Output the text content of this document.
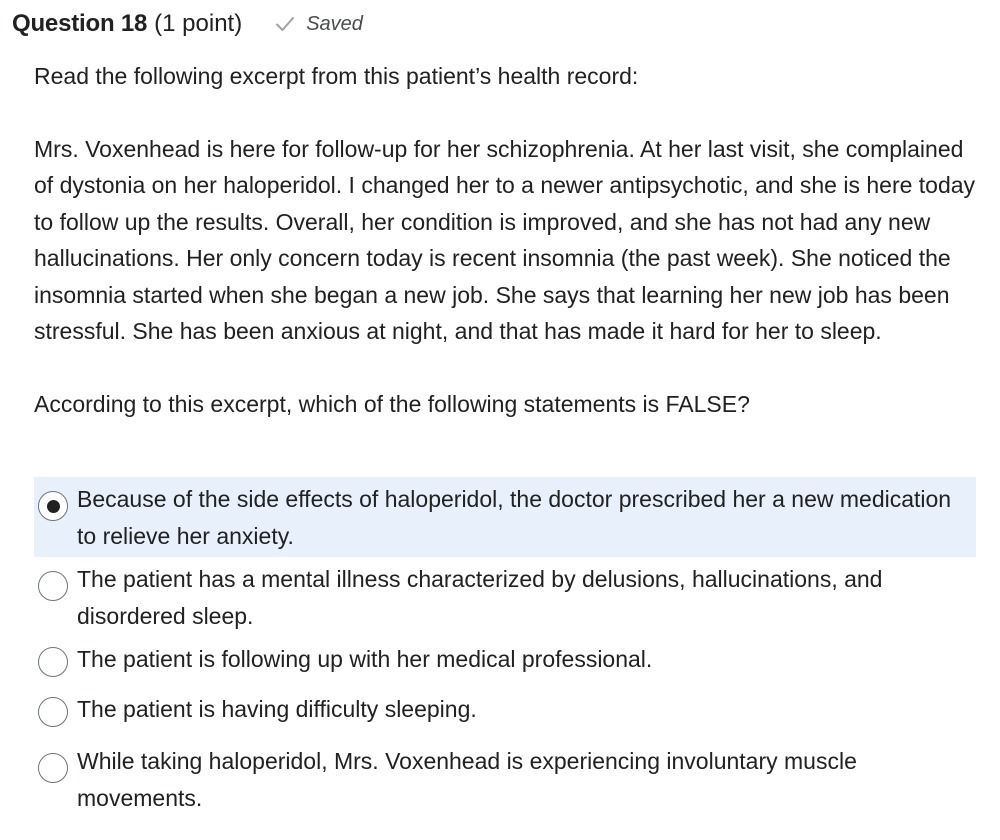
Question 18 (1 point)	Saved

Read the following excerpt from this patient’s health record:

Mrs. Voxenhead is here for follow-up for her schizophrenia. At her last visit, she complained of dystonia on her haloperidol. I changed her to a newer antipsychotic, and she is here today to follow up the results. Overall, her condition is improved, and she has not had any new hallucinations. Her only concern today is recent insomnia (the past week). She noticed the insomnia started when she began a new job. She says that learning her new job has been stressful. She has been anxious at night, and that has made it hard for her to sleep.

According to this excerpt, which of the following statements is FALSE?

Because of the side effects of haloperidol, the doctor prescribed her a new medication to relieve her anxiety.
The patient has a mental illness characterized by delusions, hallucinations, and disordered sleep.
The patient is following up with her medical professional.
The patient is having difficulty sleeping.
While taking haloperidol, Mrs. Voxenhead is experiencing involuntary muscle movements.
